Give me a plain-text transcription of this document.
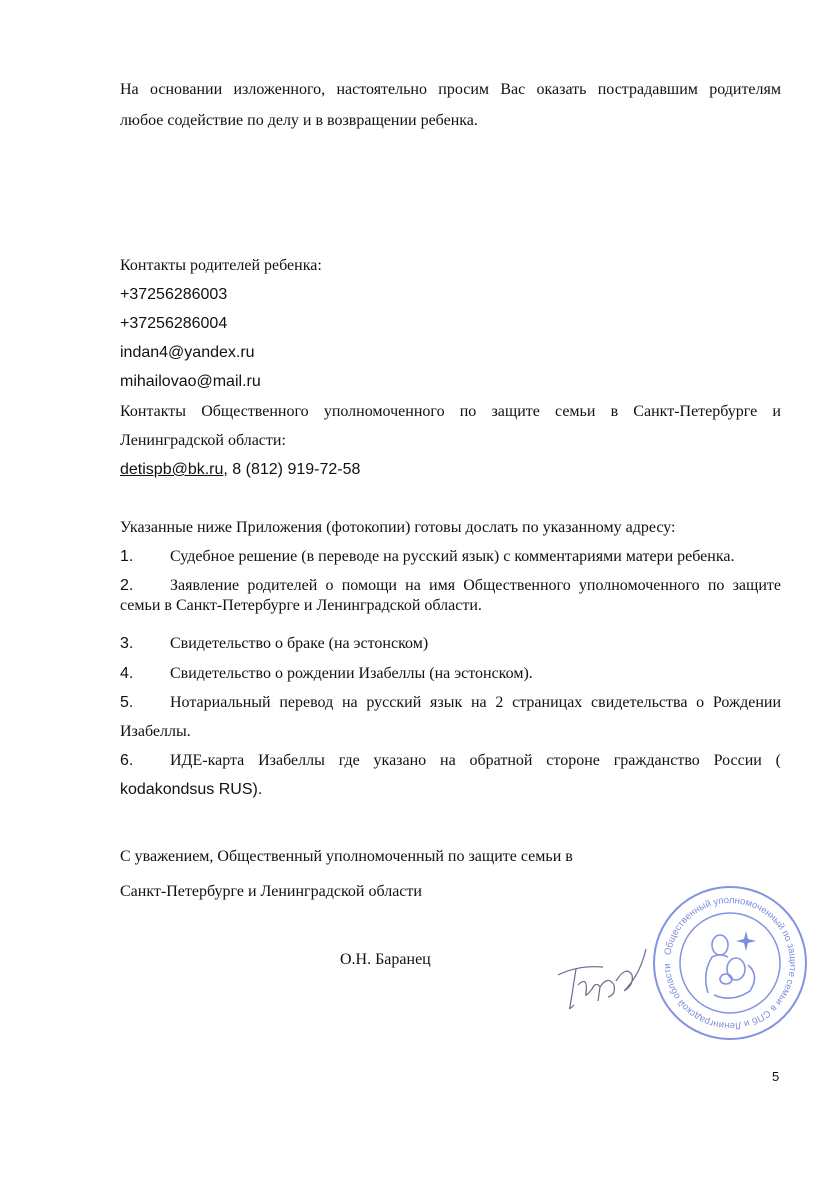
На основании изложенного, настоятельно просим Вас оказать пострадавшим родителям
любое содействие по делу и в возвращении ребенка.
Контакты родителей ребенка:
+37256286003
+37256286004
indan4@yandex.ru
mihailovao@mail.ru
Контакты Общественного уполномоченного по защите семьи в Санкт-Петербурге и
Ленинградской области:
detispb@bk.ru, 8 (812) 919-72-58
Указанные ниже Приложения (фотокопии) готовы дослать по указанному адресу:
1. Судебное решение (в переводе на русский язык) с комментариями матери ребенка.
2. Заявление родителей о помощи на имя Общественного уполномоченного по защите
семьи в Санкт-Петербурге и Ленинградской области.
3. Свидетельство о браке (на эстонском)
4. Свидетельство о рождении Изабеллы (на эстонском).
5. Нотариальный перевод на русский язык на 2 страницах свидетельства о Рождении
Изабеллы.
6. ИДЕ-карта Изабеллы где указано на обратной стороне гражданство России (
kodakondsus RUS).
С уважением, Общественный уполномоченный по защите семьи в
Санкт-Петербурге и Ленинградской области
О.Н. Баранец	Общественный уполномоченный по защите семьи в СПб и Ленинградской области
5
